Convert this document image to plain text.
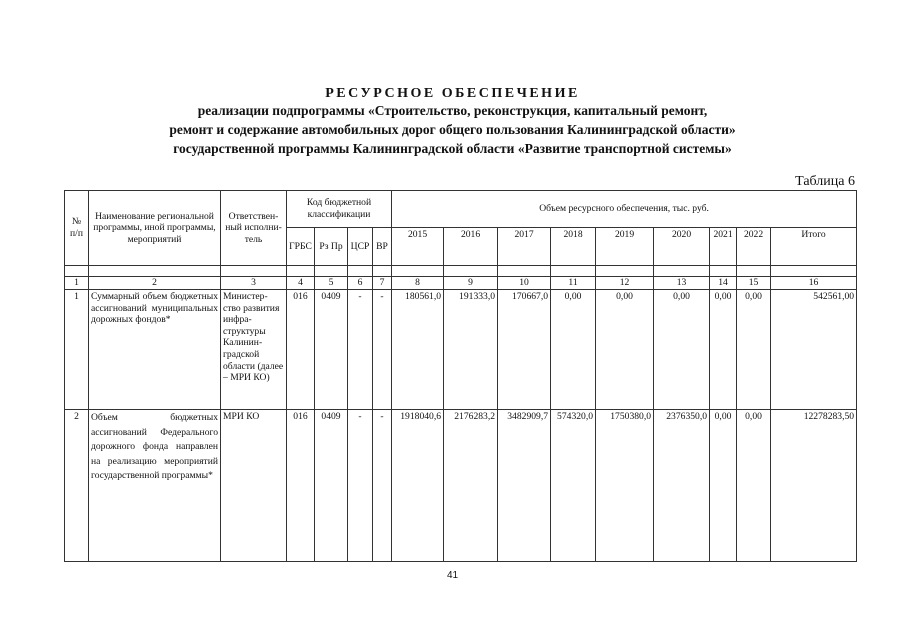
РЕСУРСНОЕ ОБЕСПЕЧЕНИЕ
реализации подпрограммы «Строительство, реконструкция, капитальный ремонт,
ремонт и содержание автомобильных дорог общего пользования Калининградской области»
государственной программы Калининградской области «Развитие транспортной системы»
Таблица 6
№ п/п	Наименование региональной программы, иной программы, мероприятий	Ответствен-ный исполни-тель	Код бюджетной классификации				Объем ресурсного обеспечения, тыс. руб.								
			ГРБС	Рз Пр	ЦСР	ВР	2015	2016	2017	2018	2019	2020	2021	2022	Итого

1	2	3	4	5	6	7	8	9	10	11	12	13	14	15	16
1	Суммарный объем бюджетных ассигнований муниципальных дорожных фондов*	Министер-ство развития инфра-структуры Калинин-градской области (далее – МРИ КО)	016	0409	-	-	180561,0	191333,0	170667,0	0,00	0,00	0,00	0,00	0,00	542561,00
2	Объем бюджетных ассигнований Федерального дорожного фонда направлен на реализацию мероприятий государственной программы*	МРИ КО	016	0409	-	-	1918040,6	2176283,2	3482909,7	574320,0	1750380,0	2376350,0	0,00	0,00	12278283,50
41
